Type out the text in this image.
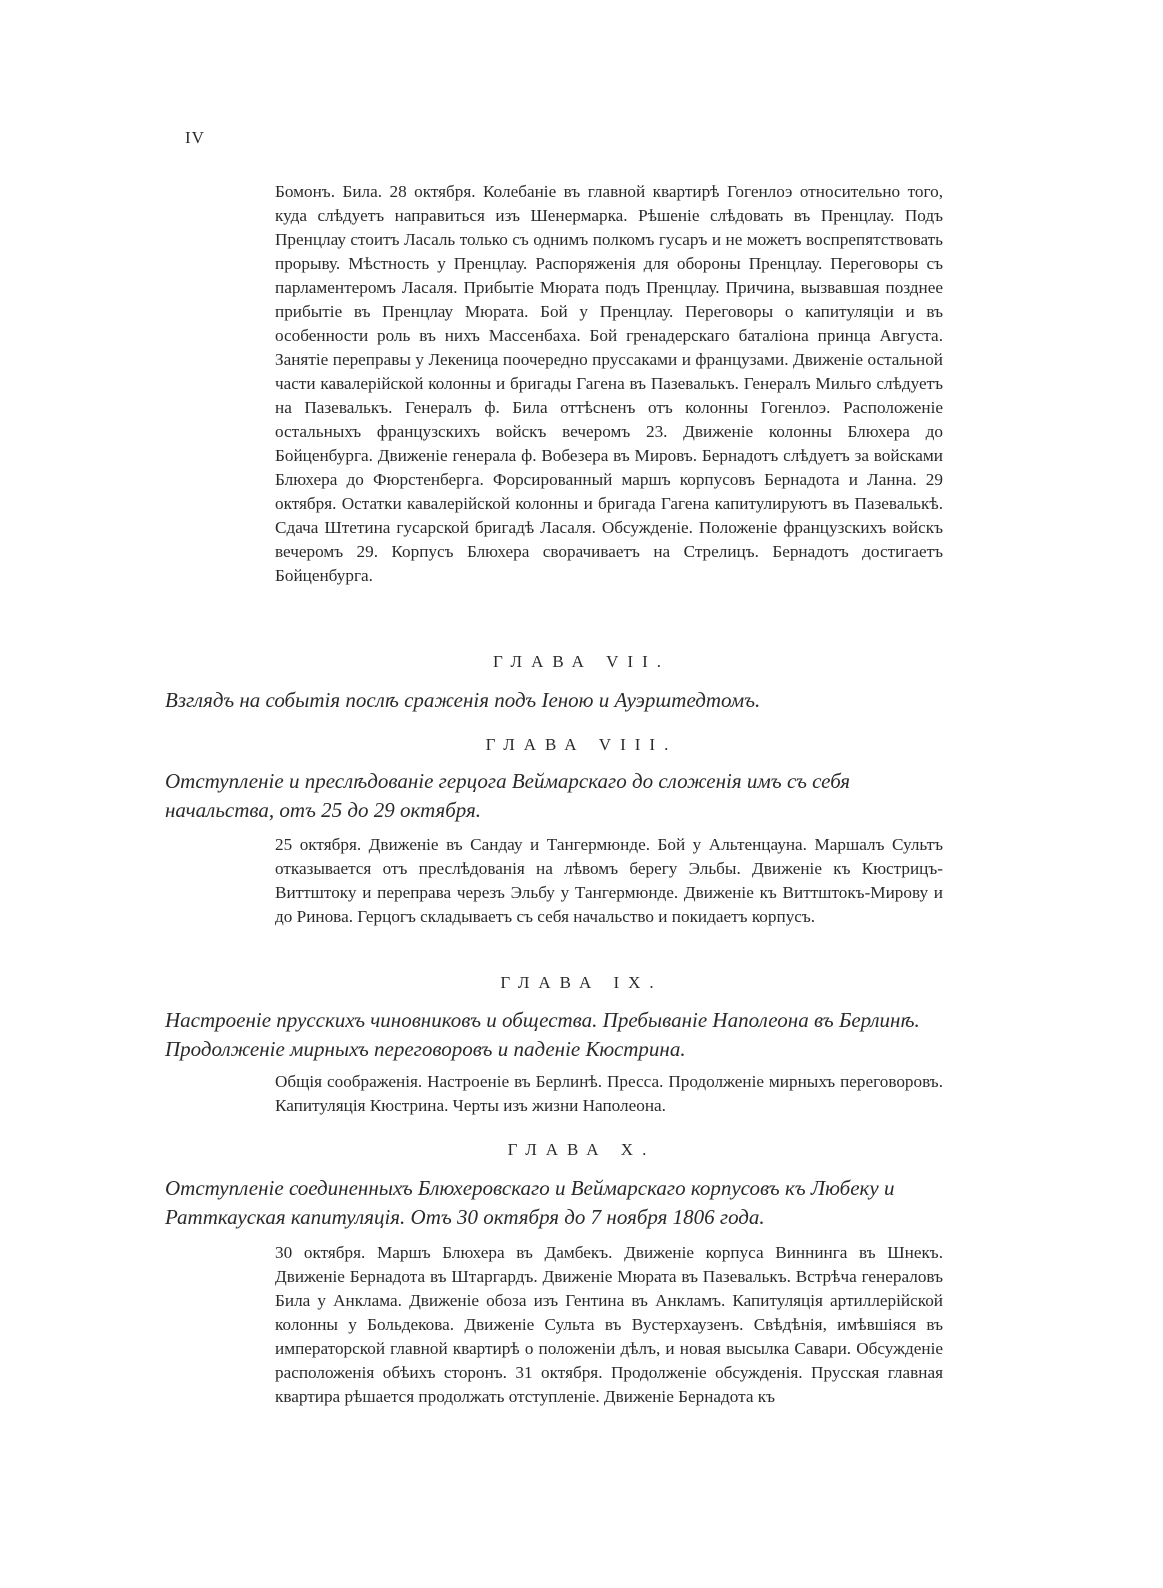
IV

Бомонъ. Била. 28 октября. Колебаніе въ главной квартирѣ Гогенлоэ относительно того, куда слѣдуетъ направиться изъ Шенермарка. Рѣшеніе слѣдовать въ Пренцлау. Подъ Пренцлау стоитъ Ласаль только съ однимъ полкомъ гусаръ и не можетъ воспрепятствовать прорыву. Мѣстность у Пренцлау. Распоряженія для обороны Пренцлау. Переговоры съ парламентеромъ Ласаля. Прибытіе Мюрата подъ Пренцлау. Причина, вызвавшая позднее прибытіе въ Пренцлау Мюрата. Бой у Пренцлау. Переговоры о капитуляціи и въ особенности роль въ нихъ Массенбаха. Бой гренадерскаго баталіона принца Августа. Занятіе переправы у Лекеница поочередно пруссаками и французами. Движеніе остальной части кавалерійской колонны и бригады Гагена въ Пазевалькъ. Генералъ Мильго слѣдуетъ на Пазевалькъ. Генералъ ф. Била оттѣсненъ отъ колонны Гогенлоэ. Расположеніе остальныхъ французскихъ войскъ вечеромъ 23. Движеніе колонны Блюхера до Бойценбурга. Движеніе генерала ф. Вобезера въ Мировъ. Бернадотъ слѣдуетъ за войсками Блюхера до Фюрстенберга. Форсированный маршъ корпусовъ Бернадота и Ланна. 29 октября. Остатки кавалерійской колонны и бригада Гагена капитулируютъ въ Пазевалькѣ. Сдача Штетина гусарской бригадѣ Ласаля. Обсужденіе. Положеніе французскихъ войскъ вечеромъ 29. Корпусъ Блюхера сворачиваетъ на Стрелицъ. Бернадотъ достигаетъ Бойценбурга.

ГЛАВА VII.

Взглядъ на событія послѣ сраженія подъ Іеною и Ауэрштедтомъ.

ГЛАВА VIII.

Отступленіе и преслѣдованіе герцога Веймарскаго до сложенія имъ съ себя начальства, отъ 25 до 29 октября.

25 октября. Движеніе въ Сандау и Тангермюнде. Бой у Альтенцауна. Маршалъ Сультъ отказывается отъ преслѣдованія на лѣвомъ берегу Эльбы. Движеніе къ Кюстрицъ-Виттштоку и переправа черезъ Эльбу у Тангермюнде. Движеніе къ Виттштокъ-Мирову и до Ринова. Герцогъ складываетъ съ себя начальство и покидаетъ корпусъ.

ГЛАВА IX.

Настроеніе прусскихъ чиновниковъ и общества. Пребываніе Наполеона въ Берлинѣ. Продолженіе мирныхъ переговоровъ и паденіе Кюстрина.

Общія соображенія. Настроеніе въ Берлинѣ. Пресса. Продолженіе мирныхъ переговоровъ. Капитуляція Кюстрина. Черты изъ жизни Наполеона.

ГЛАВА X.

Отступленіе соединенныхъ Блюхеровскаго и Веймарскаго корпусовъ къ Любеку и Ратткауская капитуляція. Отъ 30 октября до 7 ноября 1806 года.

30 октября. Маршъ Блюхера въ Дамбекъ. Движеніе корпуса Виннинга въ Шнекъ. Движеніе Бернадота въ Штаргардъ. Движеніе Мюрата въ Пазевалькъ. Встрѣча генераловъ Била у Анклама. Движеніе обоза изъ Гентина въ Анкламъ. Капитуляція артиллерійской колонны у Больдекова. Движеніе Сульта въ Вустерхаузенъ. Свѣдѣнія, имѣвшіяся въ императорской главной квартирѣ о положеніи дѣлъ, и новая высылка Савари. Обсужденіе расположенія обѣихъ сторонъ. 31 октября. Продолженіе обсужденія. Прусская главная квартира рѣшается продолжать отступленіе. Движеніе Бернадота къ
